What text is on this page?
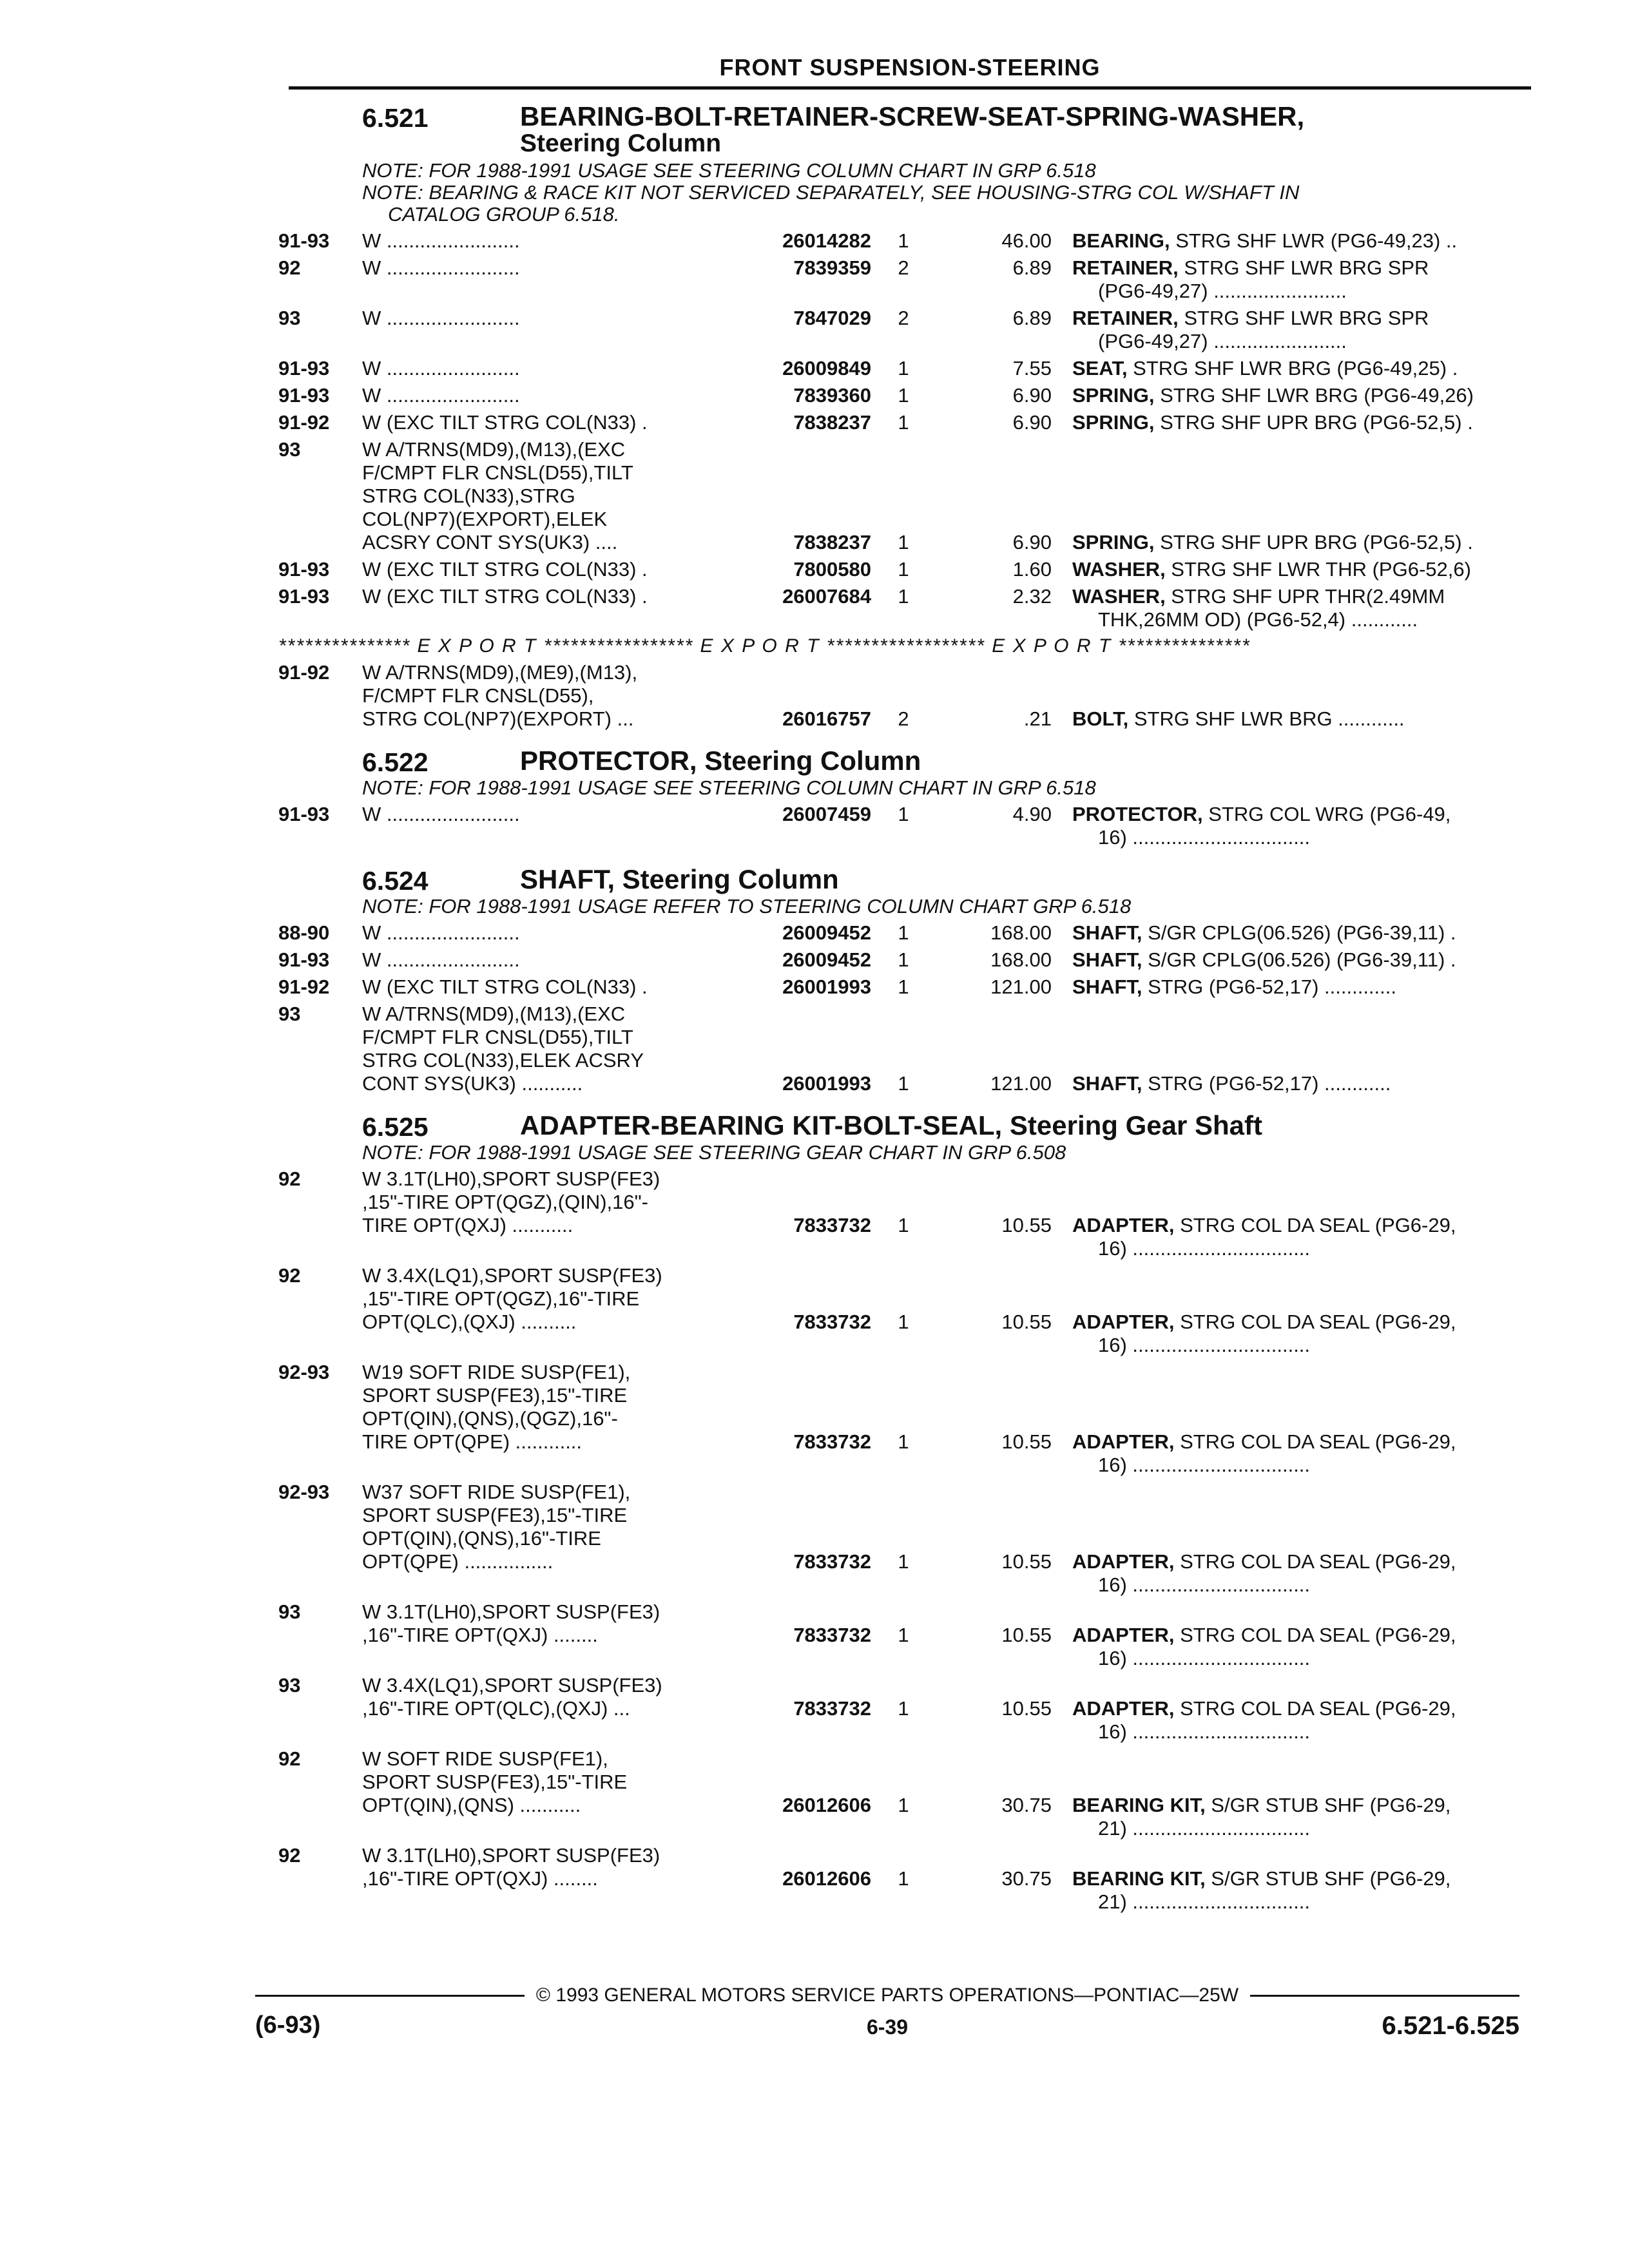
FRONT SUSPENSION-STEERING
6.521	BEARING-BOLT-RETAINER-SCREW-SEAT-SPRING-WASHER,
Steering Column
NOTE: FOR 1988-1991 USAGE SEE STEERING COLUMN CHART IN GRP 6.518
NOTE: BEARING & RACE KIT NOT SERVICED SEPARATELY, SEE HOUSING-STRG COL W/SHAFT IN
CATALOG GROUP 6.518.
91-93	W ........................	26014282	1	46.00 BEARING, STRG SHF LWR (PG6-49,23) ..
92	W ........................	7839359	2	6.89 RETAINER, STRG SHF LWR BRG SPR
(PG6-49,27) ........................
93	W ........................	7847029	2	6.89 RETAINER, STRG SHF LWR BRG SPR
(PG6-49,27) ........................
91-93	W ........................	26009849	1	7.55 SEAT, STRG SHF LWR BRG (PG6-49,25) .
91-93	W ........................	7839360	1	6.90 SPRING, STRG SHF LWR BRG (PG6-49,26)
91-92	W (EXC TILT STRG COL(N33) .	7838237	1	6.90 SPRING, STRG SHF UPR BRG (PG6-52,5) .
93	W A/TRNS(MD9),(M13),(EXC
F/CMPT FLR CNSL(D55),TILT
STRG COL(N33),STRG
COL(NP7)(EXPORT),ELEK
ACSRY CONT SYS(UK3) ....	7838237	1	6.90 SPRING, STRG SHF UPR BRG (PG6-52,5) .
91-93	W (EXC TILT STRG COL(N33) .	7800580	1	1.60 WASHER, STRG SHF LWR THR (PG6-52,6)
91-93	W (EXC TILT STRG COL(N33) .	26007684	1	2.32 WASHER, STRG SHF UPR THR(2.49MM
THK,26MM OD) (PG6-52,4) ............
*************** E X P O R T ***************** E X P O R T ****************** E X P O R T ***************
91-92	W A/TRNS(MD9),(ME9),(M13),
F/CMPT FLR CNSL(D55),
STRG COL(NP7)(EXPORT) ...	26016757	2	.21 BOLT, STRG SHF LWR BRG ............
6.522	PROTECTOR, Steering Column
NOTE: FOR 1988-1991 USAGE SEE STEERING COLUMN CHART IN GRP 6.518
91-93	W ........................	26007459	1	4.90 PROTECTOR, STRG COL WRG (PG6-49,
16) ................................
6.524	SHAFT, Steering Column
NOTE: FOR 1988-1991 USAGE REFER TO STEERING COLUMN CHART GRP 6.518
88-90	W ........................	26009452	1	168.00 SHAFT, S/GR CPLG(06.526) (PG6-39,11) .
91-93	W ........................	26009452	1	168.00 SHAFT, S/GR CPLG(06.526) (PG6-39,11) .
91-92	W (EXC TILT STRG COL(N33) .	26001993	1	121.00 SHAFT, STRG (PG6-52,17) .............
93	W A/TRNS(MD9),(M13),(EXC
F/CMPT FLR CNSL(D55),TILT
STRG COL(N33),ELEK ACSRY
CONT SYS(UK3) ...........	26001993	1	121.00 SHAFT, STRG (PG6-52,17) ............
6.525	ADAPTER-BEARING KIT-BOLT-SEAL, Steering Gear Shaft
NOTE: FOR 1988-1991 USAGE SEE STEERING GEAR CHART IN GRP 6.508
92	W 3.1T(LH0),SPORT SUSP(FE3)
,15"-TIRE OPT(QGZ),(QIN),16"-
TIRE OPT(QXJ) ...........	7833732	1	10.55 ADAPTER, STRG COL DA SEAL (PG6-29,
16) ................................
92	W 3.4X(LQ1),SPORT SUSP(FE3)
,15"-TIRE OPT(QGZ),16"-TIRE
OPT(QLC),(QXJ) ..........	7833732	1	10.55 ADAPTER, STRG COL DA SEAL (PG6-29,
16) ................................
92-93	W19 SOFT RIDE SUSP(FE1),
SPORT SUSP(FE3),15"-TIRE
OPT(QIN),(QNS),(QGZ),16"-
TIRE OPT(QPE) ............	7833732	1	10.55 ADAPTER, STRG COL DA SEAL (PG6-29,
16) ................................
92-93	W37 SOFT RIDE SUSP(FE1),
SPORT SUSP(FE3),15"-TIRE
OPT(QIN),(QNS),16"-TIRE
OPT(QPE) ................	7833732	1	10.55 ADAPTER, STRG COL DA SEAL (PG6-29,
16) ................................
93	W 3.1T(LH0),SPORT SUSP(FE3)
,16"-TIRE OPT(QXJ) ........	7833732	1	10.55 ADAPTER, STRG COL DA SEAL (PG6-29,
16) ................................
93	W 3.4X(LQ1),SPORT SUSP(FE3)
,16"-TIRE OPT(QLC),(QXJ) ...	7833732	1	10.55 ADAPTER, STRG COL DA SEAL (PG6-29,
16) ................................
92	W SOFT RIDE SUSP(FE1),
SPORT SUSP(FE3),15"-TIRE
OPT(QIN),(QNS) ...........	26012606	1	30.75 BEARING KIT, S/GR STUB SHF (PG6-29,
21) ................................
92	W 3.1T(LH0),SPORT SUSP(FE3)
,16"-TIRE OPT(QXJ) ........	26012606	1	30.75 BEARING KIT, S/GR STUB SHF (PG6-29,
21) ................................
© 1993 GENERAL MOTORS SERVICE PARTS OPERATIONS—PONTIAC—25W
(6-93)	6-39	6.521-6.525
